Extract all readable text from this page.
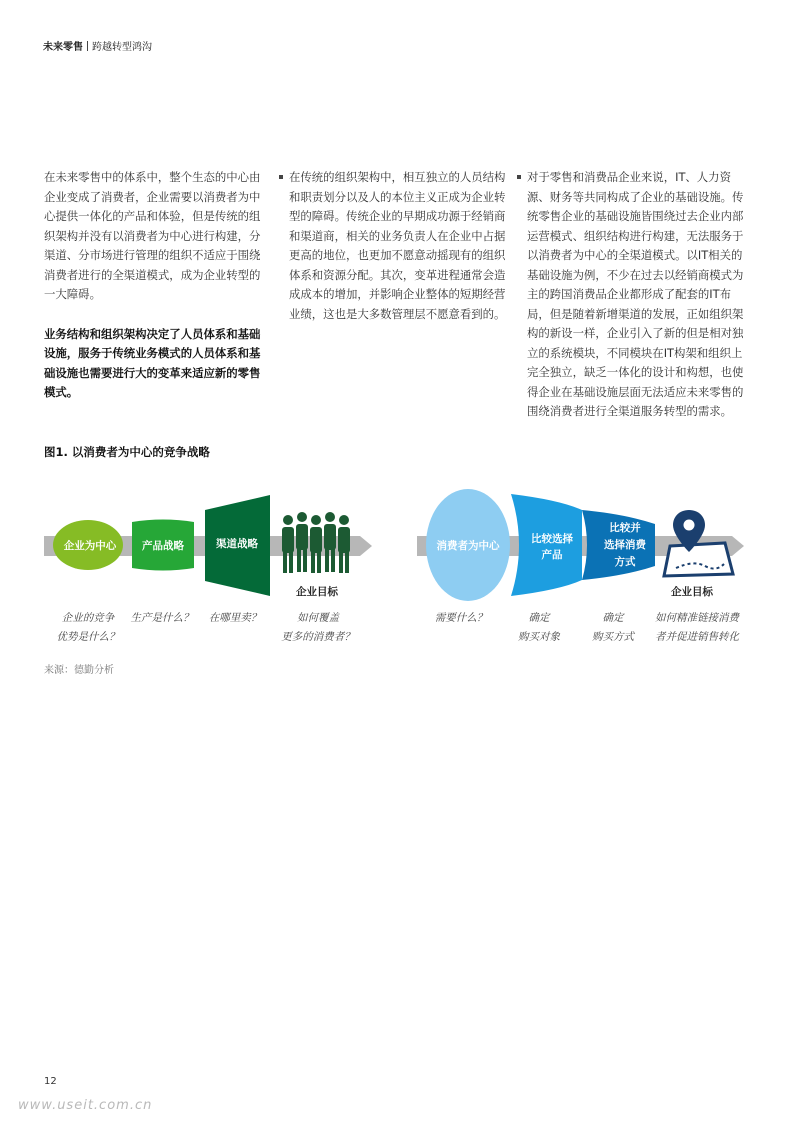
未来零售 跨越转型鸿沟
在未来零售中的体系中，整个生态的中心由企业变成了消费者，企业需要以消费者为中心提供一体化的产品和体验，但是传统的组织架构并没有以消费者为中心进行构建，分渠道、分市场进行管理的组织不适应于围绕消费者进行的全渠道模式，成为企业转型的一大障碍。
业务结构和组织架构决定了人员体系和基础设施，服务于传统业务模式的人员体系和基础设施也需要进行大的变革来适应新的零售模式。
在传统的组织架构中，相互独立的人员结构和职责划分以及人的本位主义正成为企业转型的障碍。传统企业的早期成功源于经销商和渠道商，相关的业务负责人在企业中占据更高的地位，也更加不愿意动摇现有的组织体系和资源分配。其次，变革进程通常会造成成本的增加，并影响企业整体的短期经营业绩，这也是大多数管理层不愿意看到的。
对于零售和消费品企业来说，IT、人力资源、财务等共同构成了企业的基础设施。传统零售企业的基础设施皆围绕过去企业内部运营模式、组织结构进行构建，无法服务于以消费者为中心的全渠道模式。以IT相关的基础设施为例，不少在过去以经销商模式为主的跨国消费品企业都形成了配套的IT布局，但是随着新增渠道的发展，正如组织架构的新设一样，企业引入了新的但是相对独立的系统模块，不同模块在IT构架和组织上完全独立，缺乏一体化的设计和构想，也使得企业在基础设施层面无法适应未来零售的围绕消费者进行全渠道服务转型的需求。
图1. 以消费者为中心的竞争战略
企业为中心 产品战略	渠道战略
企业目标
消费者为中心
比较选择
产品
比较并
选择消费
方式
企业目标
企业的竞争
优势是什么？
生产是什么？	在哪里卖？	如何覆盖
更多的消费者？
需要什么？	确定
购买对象
确定
购买方式
如何精准链接消费
者并促进销售转化
来源：德勤分析
12
www.useit.com.cn
